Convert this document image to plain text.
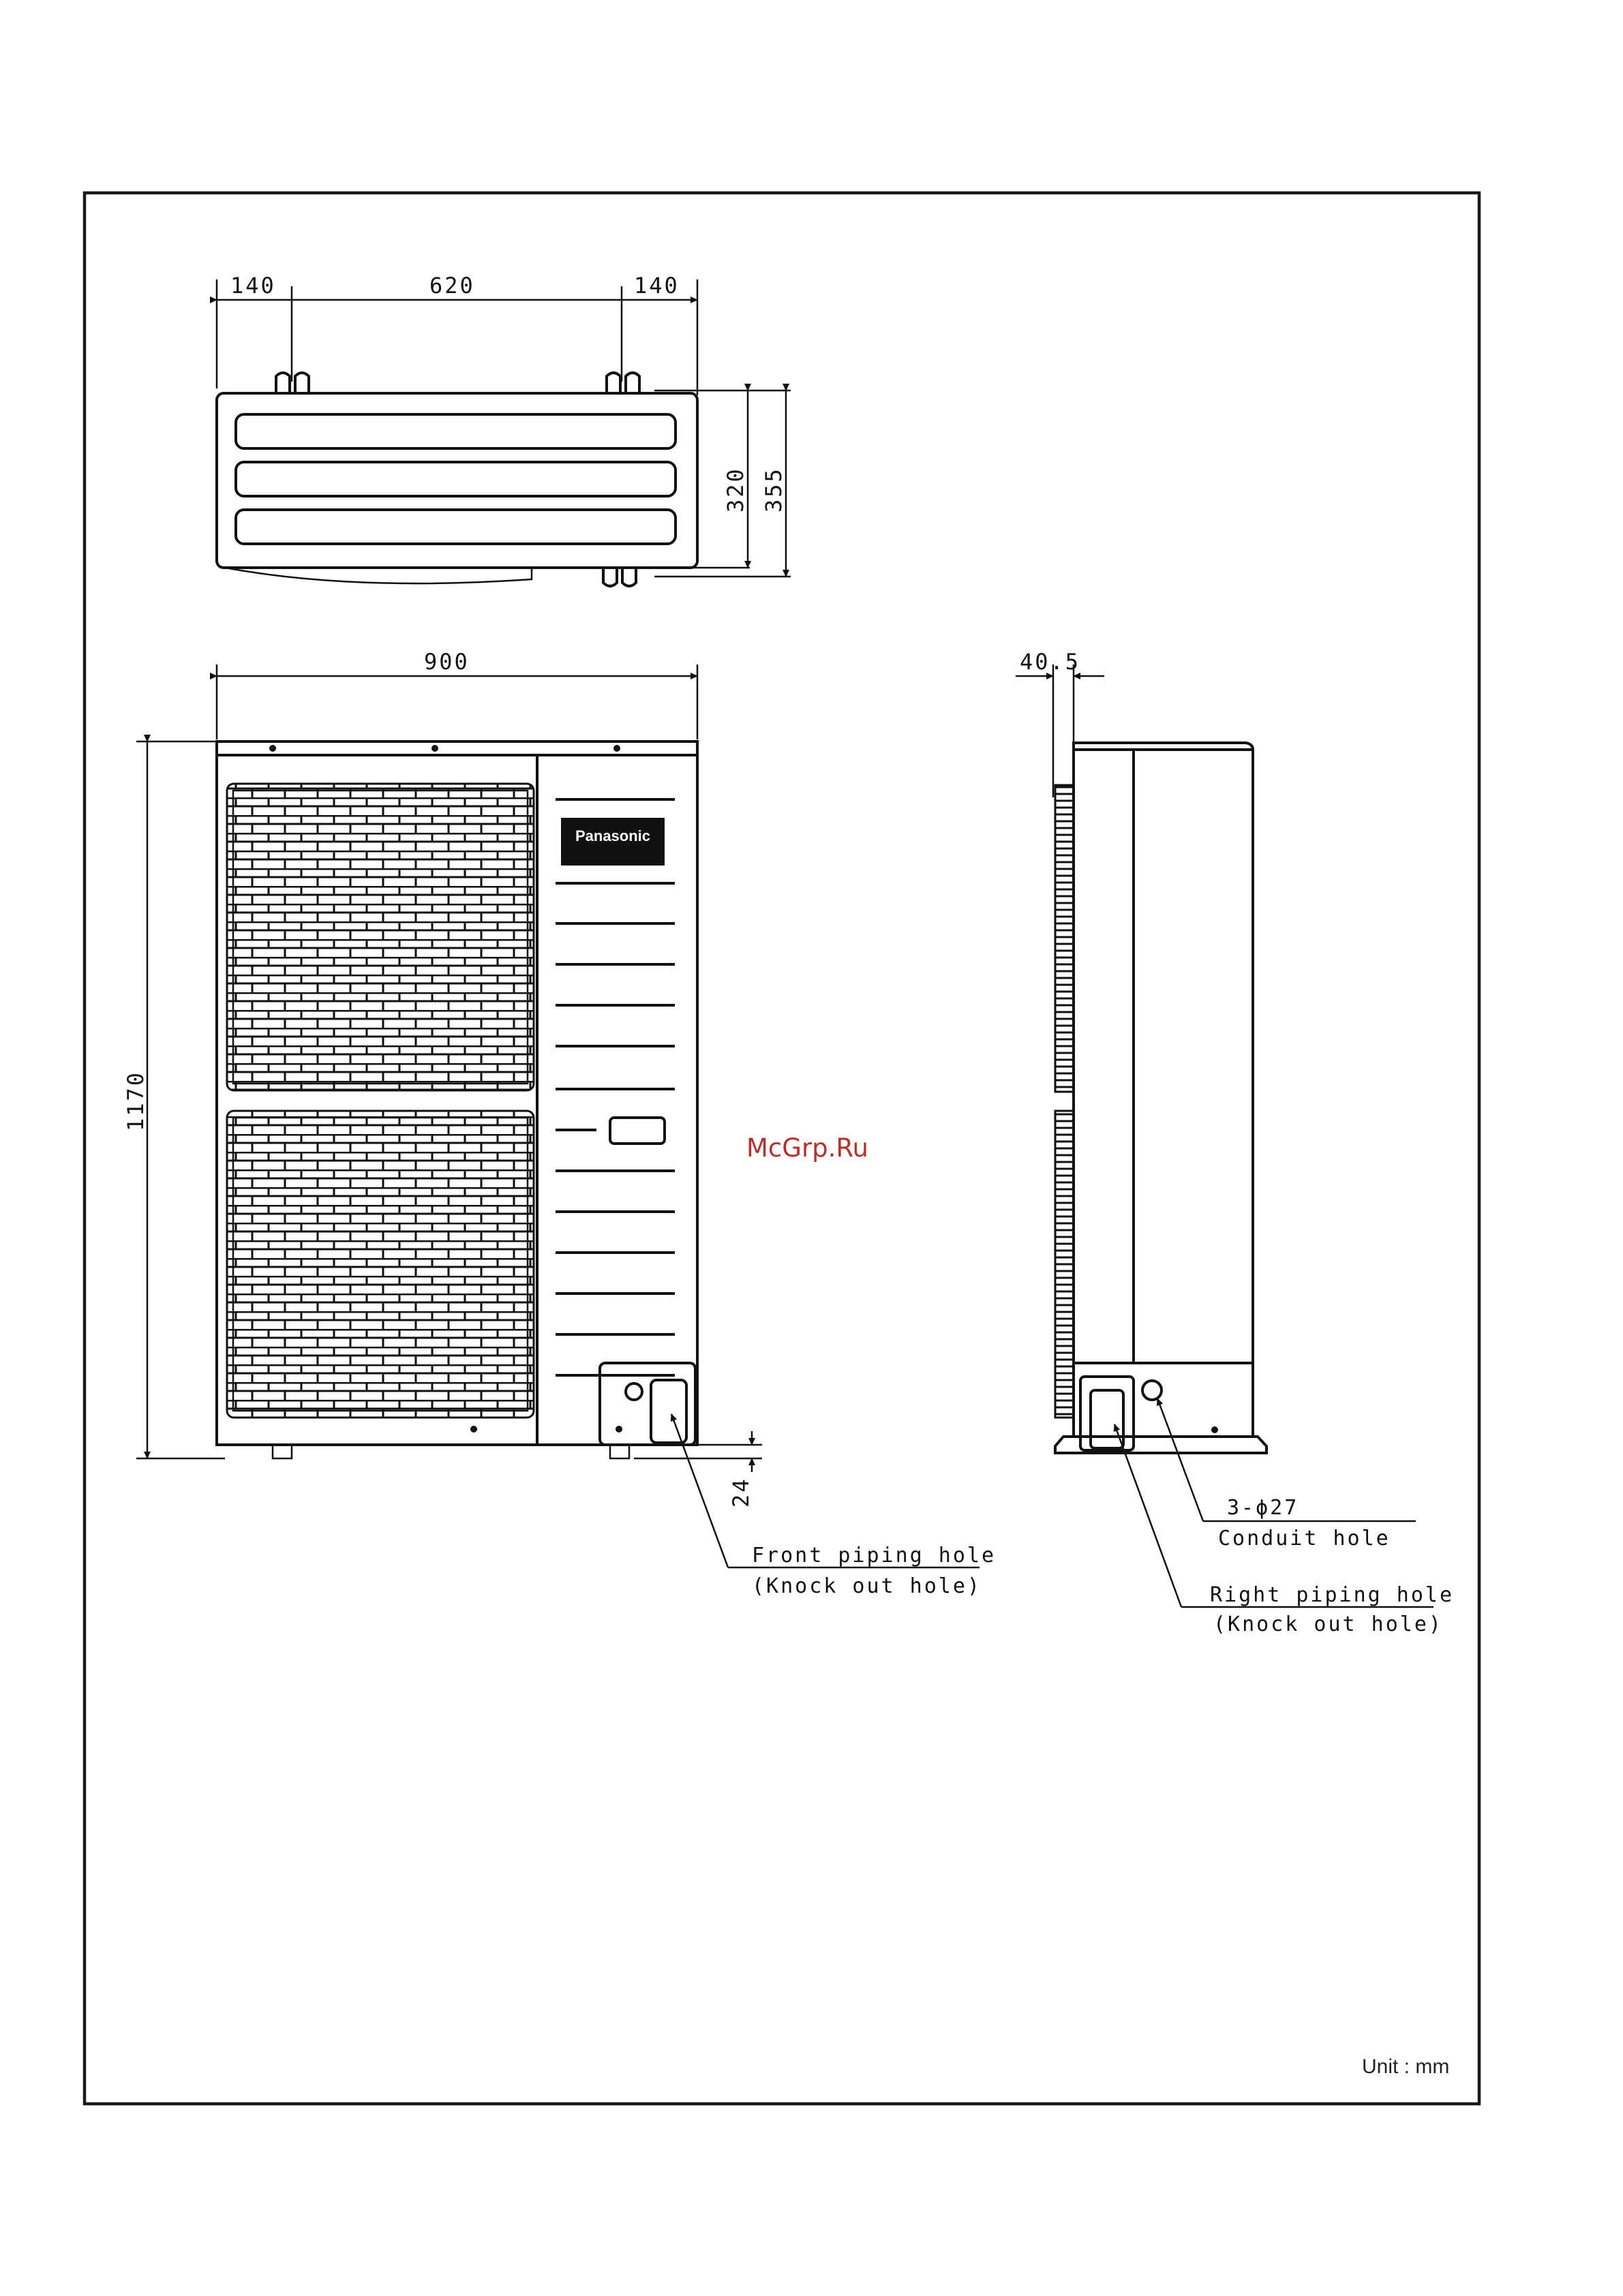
140	620	140
320 355
900
1170
Panasonic
24
Front piping hole
(Knock out hole)
40.5
3-ϕ27
Conduit hole
Right piping hole
(Knock out hole)
McGrp.Ru
Unit : mm
